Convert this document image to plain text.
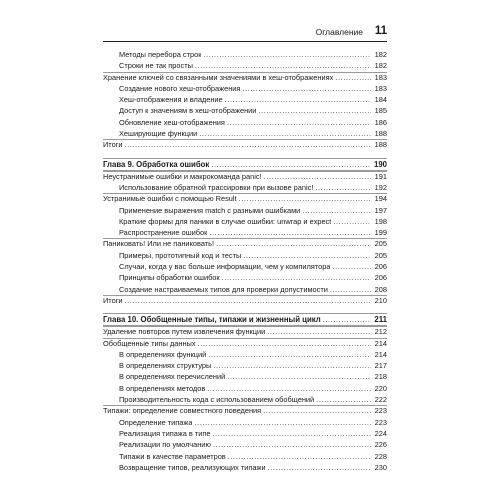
Оглавление 11
Методы перебора строк .....	182
Строки не так просты .....	182
Хранение ключей со связанными значениями в хеш-отображениях .....	183
Создание нового хеш-отображения .....	183
Хеш-отображения и владение .....	184
Доступ к значениям в хеш-отображении .....	185
Обновление хеш-отображения .....	186
Хеширующие функции .....	188
Итоги .....	188
Глава 9. Обработка ошибок .....	190
Неустранимые ошибки и макрокоманда panic! .....	191
Использование обратной трассировки при вызове panic! .....	192
Устранимые ошибки с помощью Result .....	194
Применение выражения match с разными ошибками .....	197
Краткие формы для паники в случае ошибки: unwrap и expect .....	198
Распространение ошибок .....	199
Паниковать! Или не паниковать! .....	205
Примеры, прототипный код и тесты .....	205
Случаи, когда у вас больше информации, чем у компилятора .....	206
Принципы обработки ошибок .....	206
Создание настраиваемых типов для проверки допустимости .....	208
Итоги .....	210
Глава 10. Обобщенные типы, типажи и жизненный цикл .....	211
Удаление повторов путем извлечения функции .....	212
Обобщенные типы данных .....	214
В определениях функций .....	214
В определениях структуры .....	217
В определениях перечислений .....	218
В определениях методов .....	220
Производительность кода с использованием обобщений .....	222
Типажи: определение совместного поведения .....	223
Определение типажа .....	223
Реализация типажа в типе .....	224
Реализации по умолчанию .....	226
Типажи в качестве параметров .....	228
Возвращение типов, реализующих типажи .....	230
